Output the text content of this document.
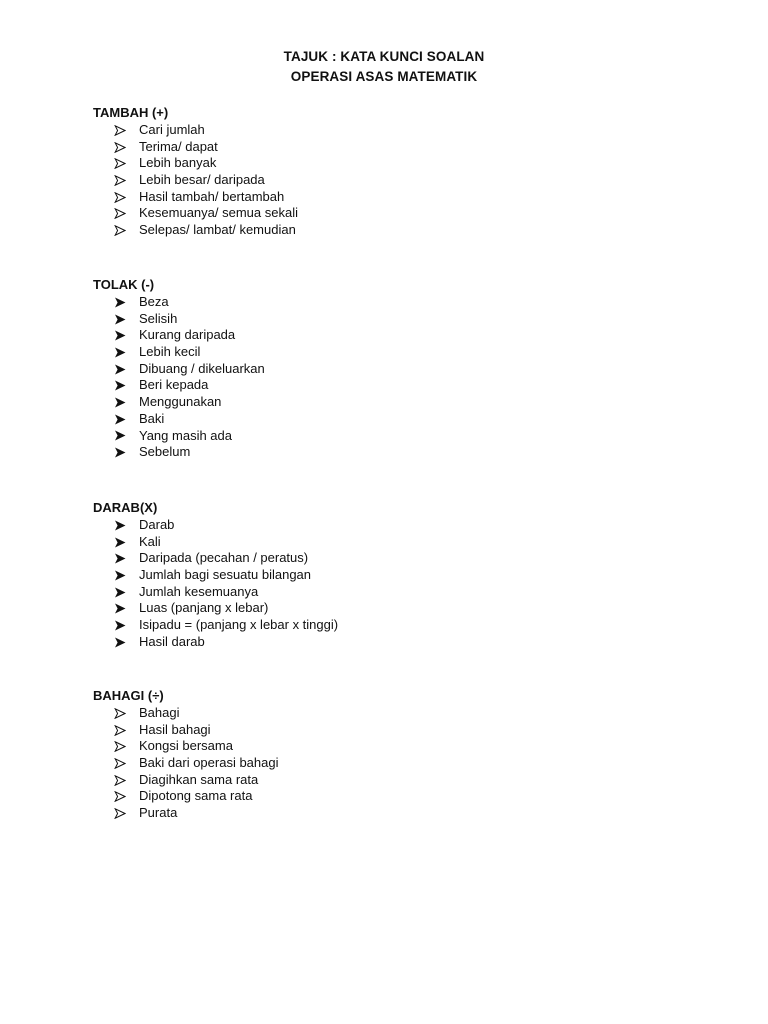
TAJUK : KATA KUNCI SOALAN
OPERASI ASAS MATEMATIK
TAMBAH (+)
Cari jumlah
Terima/ dapat
Lebih banyak
Lebih besar/ daripada
Hasil tambah/ bertambah
Kesemuanya/ semua sekali
Selepas/ lambat/ kemudian
TOLAK (-)
Beza
Selisih
Kurang daripada
Lebih kecil
Dibuang / dikeluarkan
Beri kepada
Menggunakan
Baki
Yang masih ada
Sebelum
DARAB(X)
Darab
Kali
Daripada (pecahan / peratus)
Jumlah bagi sesuatu bilangan
Jumlah kesemuanya
Luas (panjang x lebar)
Isipadu = (panjang x lebar x tinggi)
Hasil darab
BAHAGI (÷)
Bahagi
Hasil bahagi
Kongsi bersama
Baki dari operasi bahagi
Diagihkan sama rata
Dipotong sama rata
Purata
